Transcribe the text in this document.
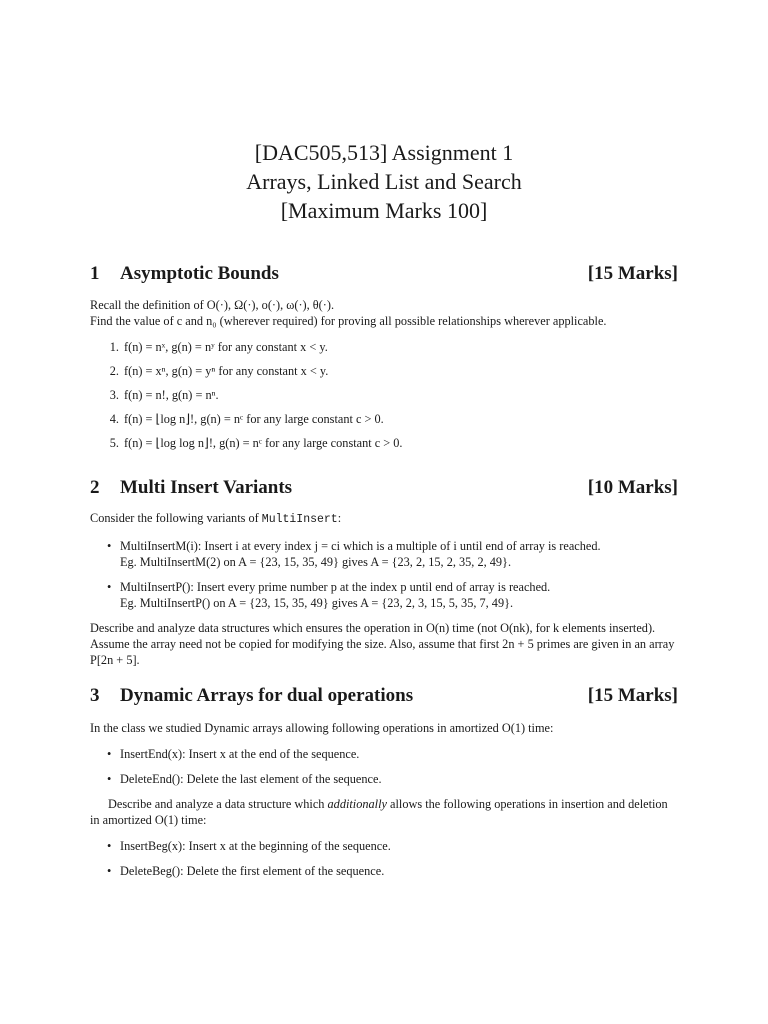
[DAC505,513] Assignment 1
Arrays, Linked List and Search
[Maximum Marks 100]
1 Asymptotic Bounds	[15 Marks]
Recall the definition of O(·), Ω(·), o(·), ω(·), θ(·).
Find the value of c and n₀ (wherever required) for proving all possible relationships wherever applicable.
1. f(n) = nˣ, g(n) = nʸ for any constant x < y.
2. f(n) = xⁿ, g(n) = yⁿ for any constant x < y.
3. f(n) = n!, g(n) = nⁿ.
4. f(n) = ⌊log n⌋!, g(n) = nᶜ for any large constant c > 0.
5. f(n) = ⌊log log n⌋!, g(n) = nᶜ for any large constant c > 0.
2 Multi Insert Variants	[10 Marks]
Consider the following variants of MultiInsert:
• MultiInsertM(i): Insert i at every index j = ci which is a multiple of i until end of array is reached.
Eg. MultiInsertM(2) on A = {23, 15, 35, 49} gives A = {23, 2, 15, 2, 35, 2, 49}.
• MultiInsertP(): Insert every prime number p at the index p until end of array is reached.
Eg. MultiInsertP() on A = {23, 15, 35, 49} gives A = {23, 2, 3, 15, 5, 35, 7, 49}.
Describe and analyze data structures which ensures the operation in O(n) time (not O(nk), for k elements inserted). Assume the array need not be copied for modifying the size. Also, assume that first 2n + 5 primes are given in an array P[2n + 5].
3 Dynamic Arrays for dual operations	[15 Marks]
In the class we studied Dynamic arrays allowing following operations in amortized O(1) time:
• InsertEnd(x): Insert x at the end of the sequence.
• DeleteEnd(): Delete the last element of the sequence.
Describe and analyze a data structure which additionally allows the following operations in insertion and deletion in amortized O(1) time:
• InsertBeg(x): Insert x at the beginning of the sequence.
• DeleteBeg(): Delete the first element of the sequence.
